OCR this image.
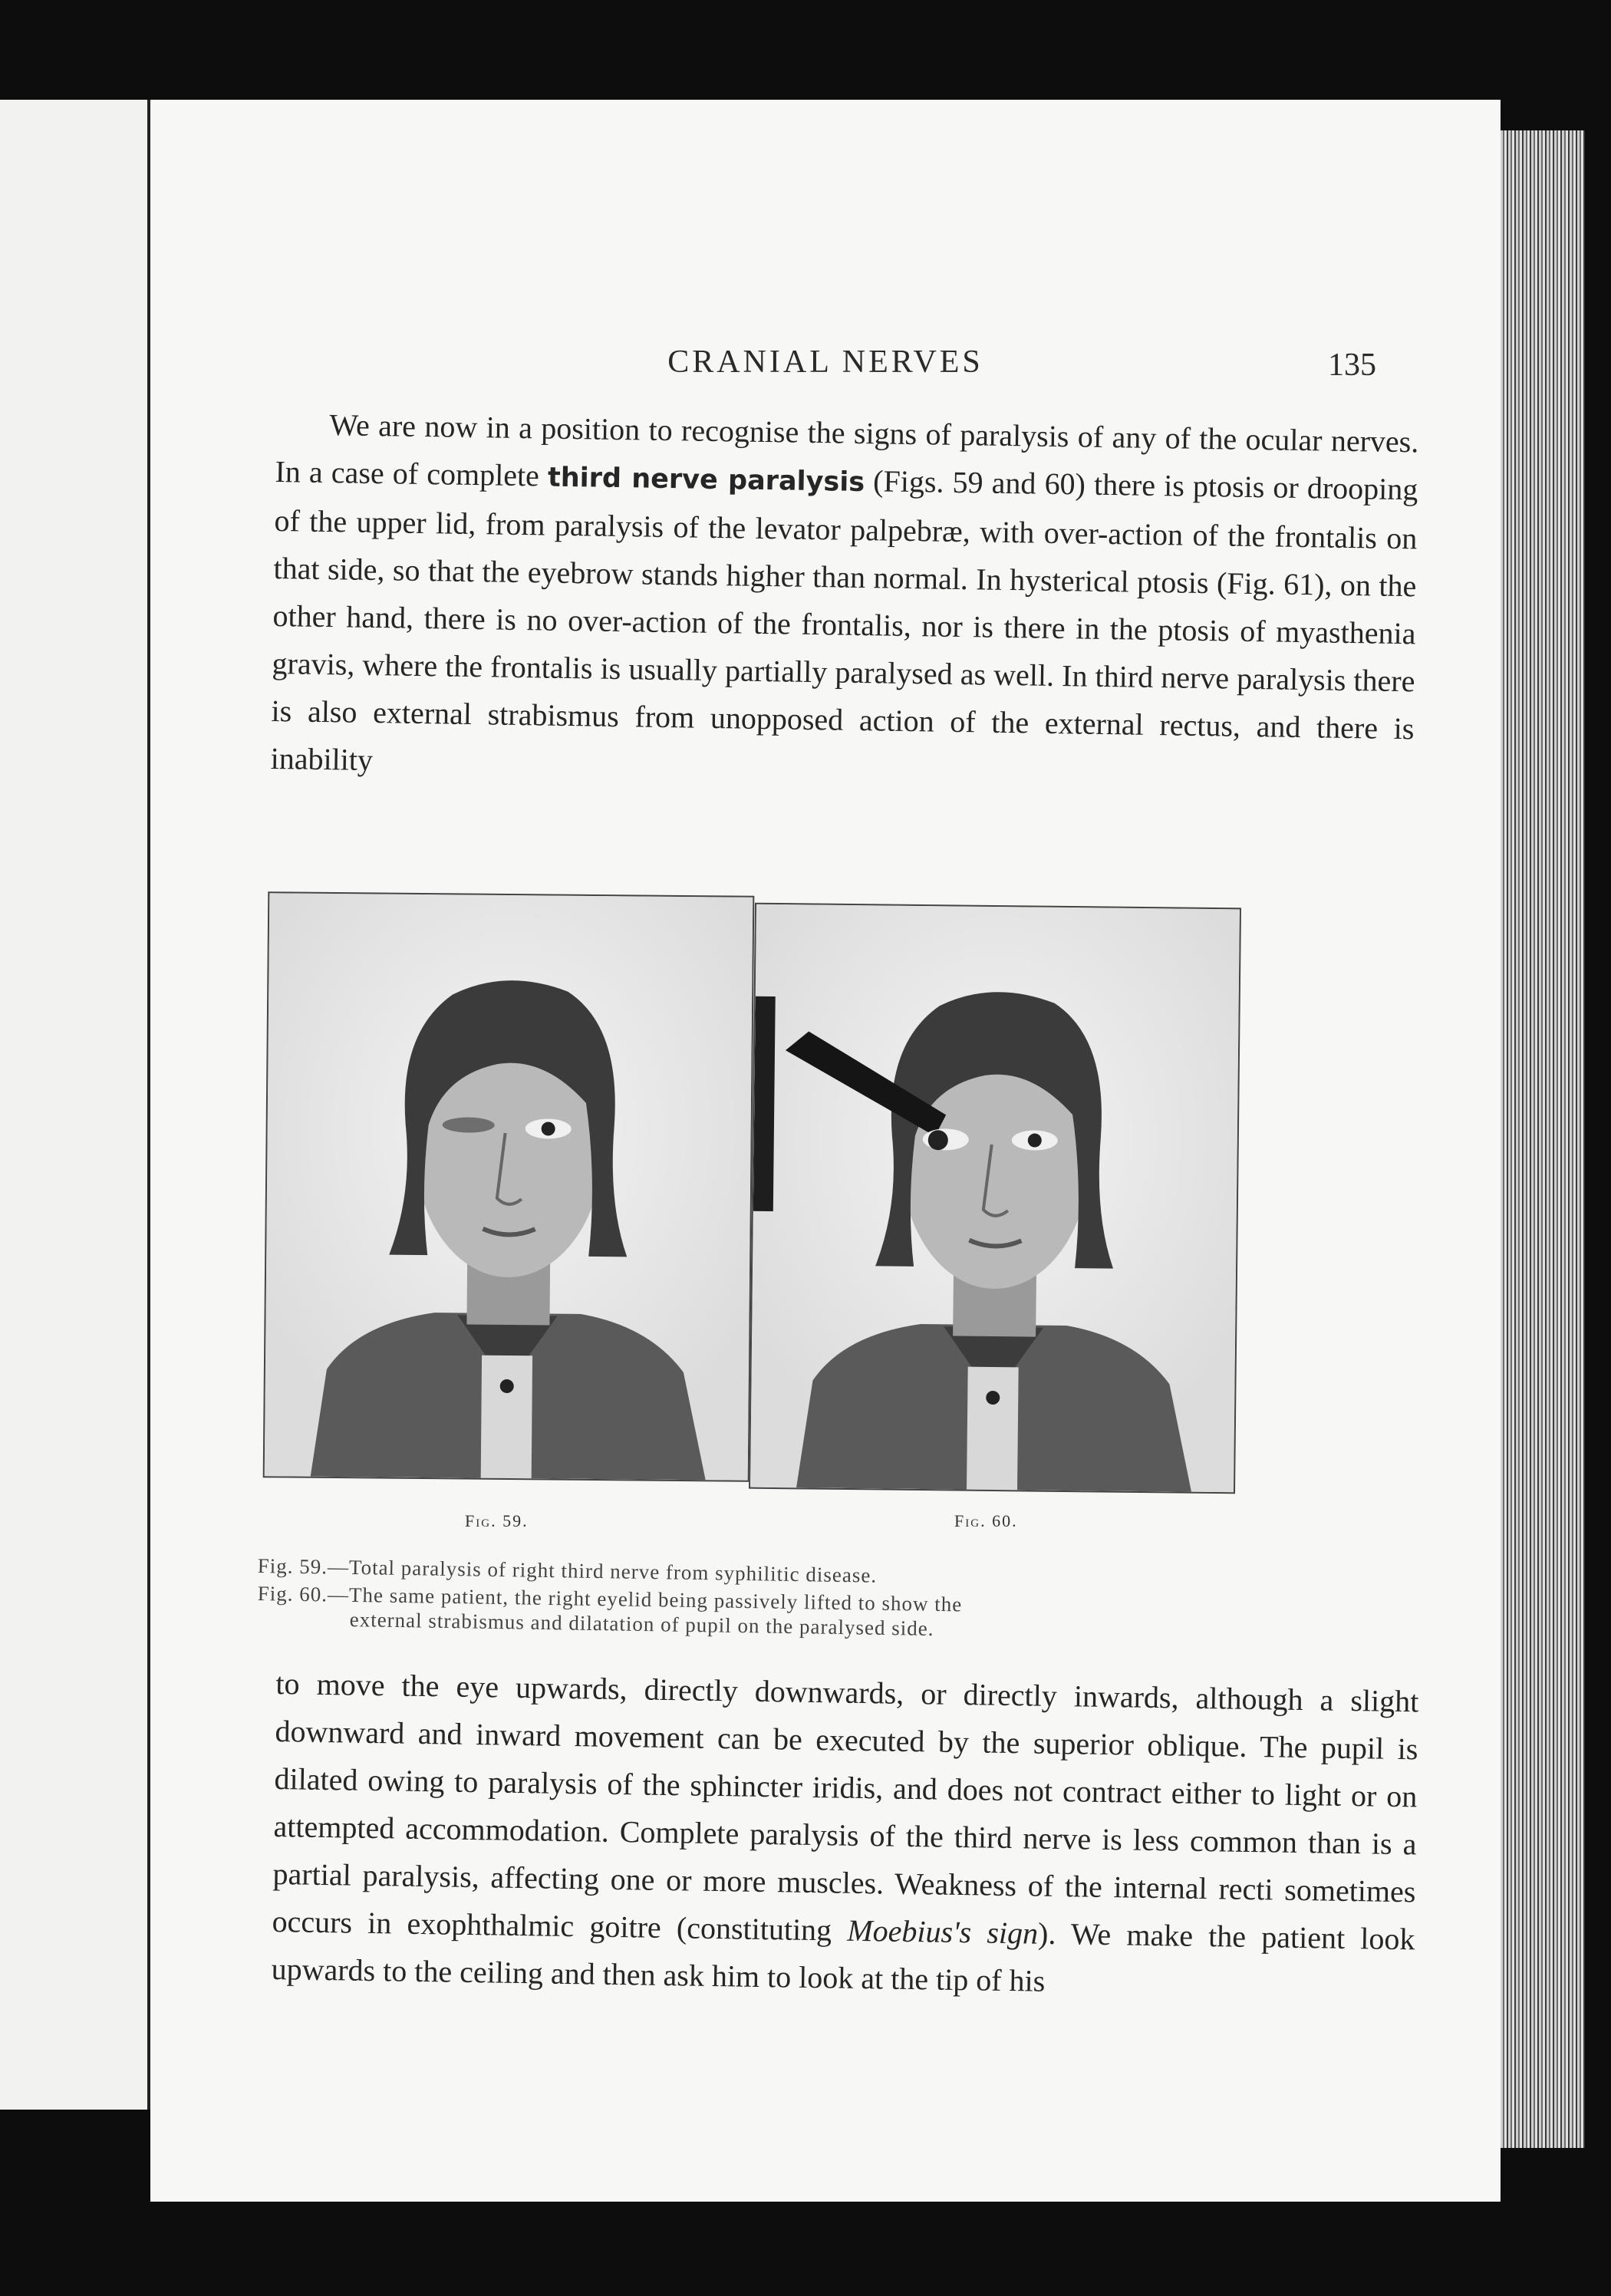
CRANIAL NERVES	135

We are now in a position to recognise the signs of paralysis of any of the ocular nerves. In a case of complete third nerve paralysis (Figs. 59 and 60) there is ptosis or drooping of the upper lid, from paralysis of the levator palpebræ, with over-action of the frontalis on that side, so that the eyebrow stands higher than normal. In hysterical ptosis (Fig. 61), on the other hand, there is no over-action of the frontalis, nor is there in the ptosis of myasthenia gravis, where the frontalis is usually partially paralysed as well. In third nerve paralysis there is also external strabismus from unopposed action of the external rectus, and there is inability

Fig. 59.	Fig. 60.
Fig. 59.—Total paralysis of right third nerve from syphilitic disease.
Fig. 60.—The same patient, the right eyelid being passively lifted to show the
external strabismus and dilatation of pupil on the paralysed side.

to move the eye upwards, directly downwards, or directly inwards, although a slight downward and inward movement can be executed by the superior oblique. The pupil is dilated owing to paralysis of the sphincter iridis, and does not contract either to light or on attempted accommodation. Complete paralysis of the third nerve is less common than is a partial paralysis, affecting one or more muscles. Weakness of the internal recti sometimes occurs in exophthalmic goitre (constituting Moebius's sign). We make the patient look upwards to the ceiling and then ask him to look at the tip of his
